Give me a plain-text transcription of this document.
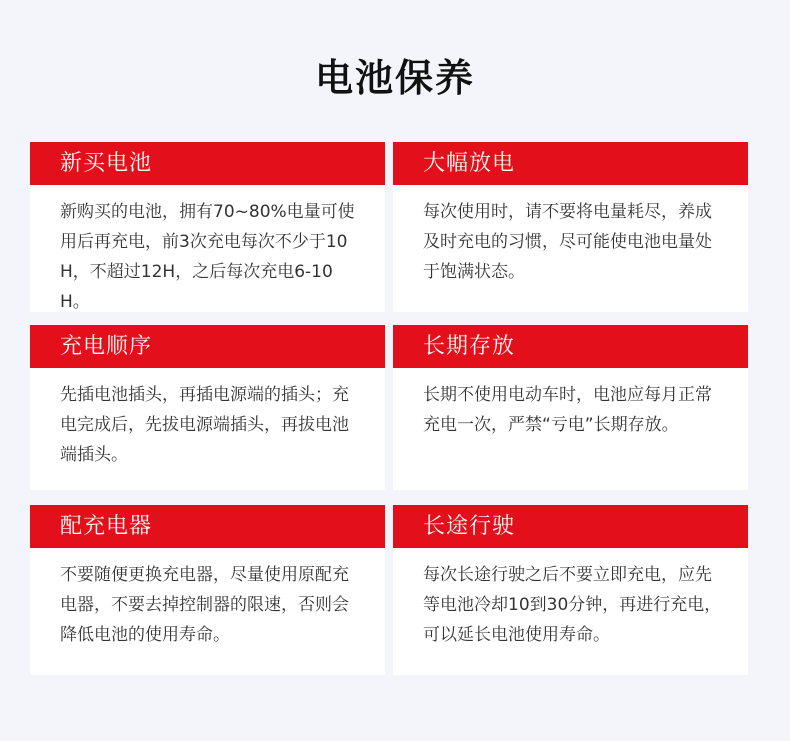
电池保养
新买电池
新购买的电池，拥有70~80%电量可使用后再充电，前3次充电每次不少于10H，不超过12H，之后每次充电6-10H。
大幅放电
每次使用时，请不要将电量耗尽，养成及时充电的习惯，尽可能使电池电量处于饱满状态。
充电顺序
先插电池插头，再插电源端的插头；充电完成后，先拔电源端插头，再拔电池端插头。
长期存放
长期不使用电动车时，电池应每月正常充电一次，严禁“亏电”长期存放。
配充电器
不要随便更换充电器，尽量使用原配充电器，不要去掉控制器的限速，否则会降低电池的使用寿命。
长途行驶
每次长途行驶之后不要立即充电，应先等电池冷却10到30分钟，再进行充电，可以延长电池使用寿命。
